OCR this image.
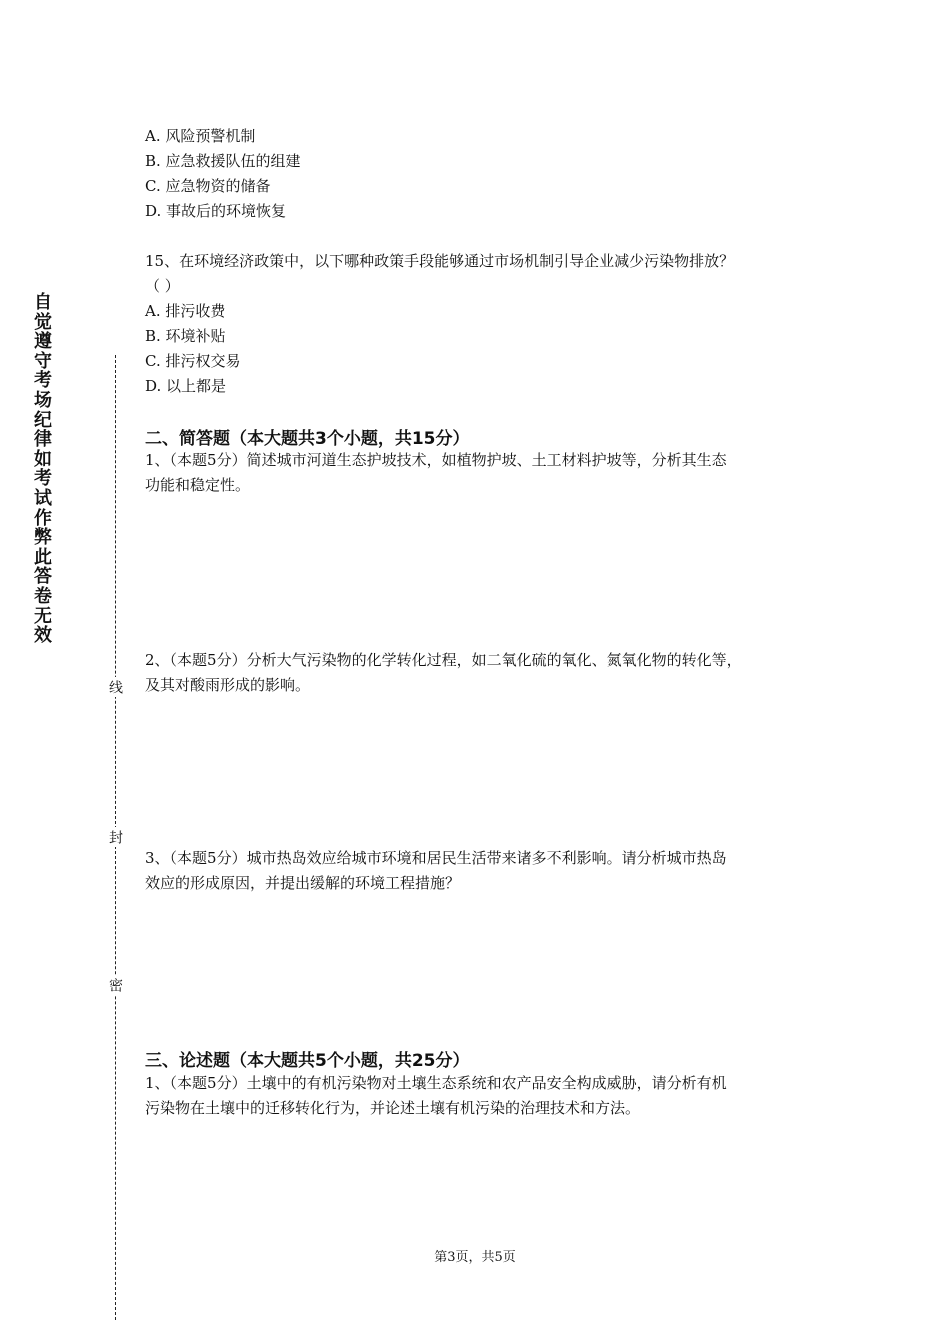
自觉遵守考场纪律如考试作弊此答卷无效
线
封
密
A. 风险预警机制
B. 应急救援队伍的组建
C. 应急物资的储备
D. 事故后的环境恢复
15、在环境经济政策中，以下哪种政策手段能够通过市场机制引导企业减少污染物排放？
（ ）
A. 排污收费
B. 环境补贴
C. 排污权交易
D. 以上都是
二、简答题（本大题共3个小题，共15分）
1、（本题5分）简述城市河道生态护坡技术，如植物护坡、土工材料护坡等，分析其生态
功能和稳定性。
2、（本题5分）分析大气污染物的化学转化过程，如二氧化硫的氧化、氮氧化物的转化等，
及其对酸雨形成的影响。
3、（本题5分）城市热岛效应给城市环境和居民生活带来诸多不利影响。请分析城市热岛
效应的形成原因，并提出缓解的环境工程措施？
三、论述题（本大题共5个小题，共25分）
1、（本题5分）土壤中的有机污染物对土壤生态系统和农产品安全构成威胁，请分析有机
污染物在土壤中的迁移转化行为，并论述土壤有机污染的治理技术和方法。
第3页，共5页
